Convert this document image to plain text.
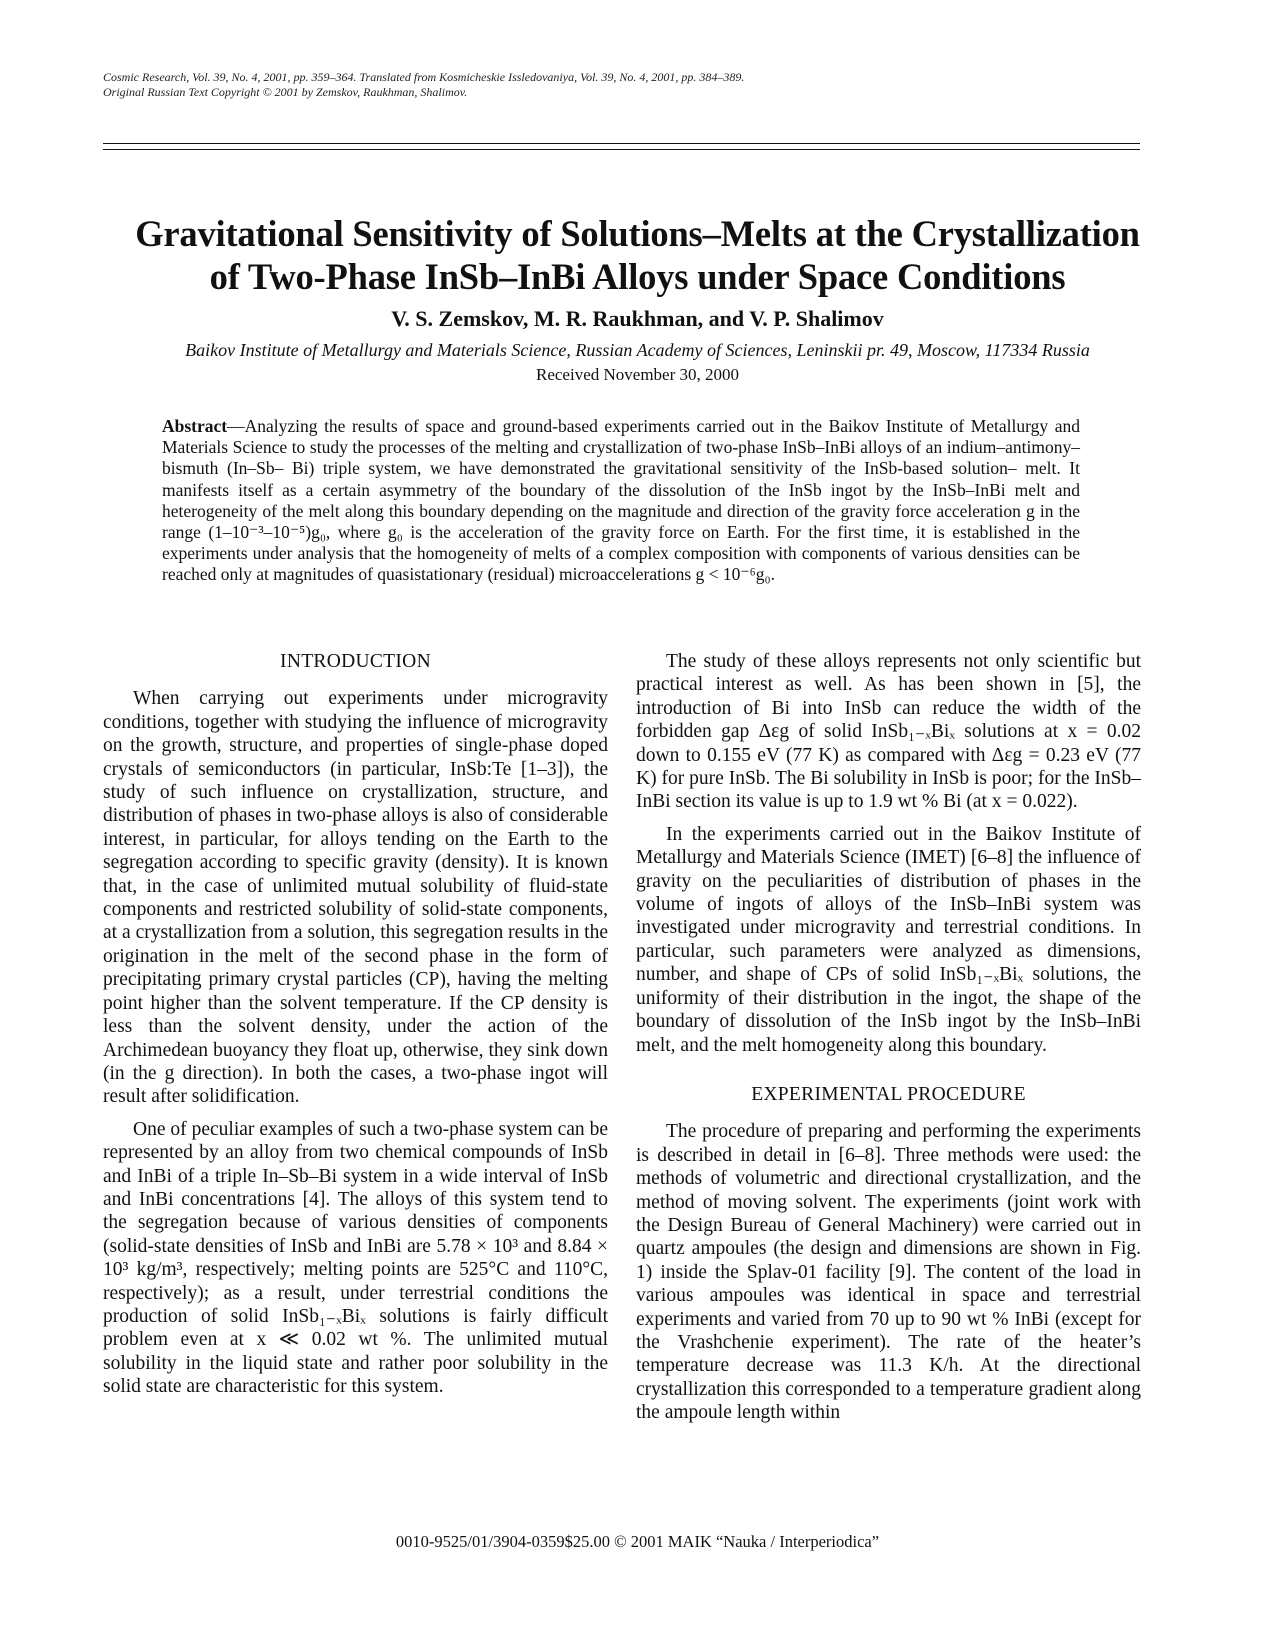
Cosmic Research, Vol. 39, No. 4, 2001, pp. 359–364. Translated from Kosmicheskie Issledovaniya, Vol. 39, No. 4, 2001, pp. 384–389.
Original Russian Text Copyright © 2001 by Zemskov, Raukhman, Shalimov.
Gravitational Sensitivity of Solutions–Melts at the Crystallization
of Two-Phase InSb–InBi Alloys under Space Conditions
V. S. Zemskov, M. R. Raukhman, and V. P. Shalimov
Baikov Institute of Metallurgy and Materials Science, Russian Academy of Sciences, Leninskii pr. 49, Moscow, 117334 Russia
Received November 30, 2000
Abstract—Analyzing the results of space and ground-based experiments carried out in the Baikov Institute of Metallurgy and Materials Science to study the processes of the melting and crystallization of two-phase InSb–InBi alloys of an indium–antimony–bismuth (In–Sb– Bi) triple system, we have demonstrated the gravitational sensitivity of the InSb-based solution– melt. It manifests itself as a certain asymmetry of the boundary of the dissolution of the InSb ingot by the InSb–InBi melt and heterogeneity of the melt along this boundary depending on the magnitude and direction of the gravity force acceleration g in the range (1–10⁻³–10⁻⁵)g₀, where g₀ is the acceleration of the gravity force on Earth. For the first time, it is established in the experiments under analysis that the homogeneity of melts of a complex composition with components of various densities can be reached only at magnitudes of quasistationary (residual) microaccelerations g < 10⁻⁶g₀.
INTRODUCTION

When carrying out experiments under microgravity conditions, together with studying the influence of microgravity on the growth, structure, and properties of single-phase doped crystals of semiconductors (in particular, InSb:Te [1–3]), the study of such influence on crystallization, structure, and distribution of phases in two-phase alloys is also of considerable interest, in particular, for alloys tending on the Earth to the segregation according to specific gravity (density). It is known that, in the case of unlimited mutual solubility of fluid-state components and restricted solubility of solid-state components, at a crystallization from a solution, this segregation results in the origination in the melt of the second phase in the form of precipitating primary crystal particles (CP), having the melting point higher than the solvent temperature. If the CP density is less than the solvent density, under the action of the Archimedean buoyancy they float up, otherwise, they sink down (in the g direction). In both the cases, a two-phase ingot will result after solidification.

One of peculiar examples of such a two-phase system can be represented by an alloy from two chemical compounds of InSb and InBi of a triple In–Sb–Bi system in a wide interval of InSb and InBi concentrations [4]. The alloys of this system tend to the segregation because of various densities of components (solid-state densities of InSb and InBi are 5.78 × 10³ and 8.84 × 10³ kg/m³, respectively; melting points are 525°C and 110°C, respectively); as a result, under terrestrial conditions the production of solid InSb₁₋ₓBiₓ solutions is fairly difficult problem even at x ≪ 0.02 wt %. The unlimited mutual solubility in the liquid state and rather poor solubility in the solid state are characteristic for this system.

The study of these alloys represents not only scientific but practical interest as well. As has been shown in [5], the introduction of Bi into InSb can reduce the width of the forbidden gap Δεg of solid InSb₁₋ₓBiₓ solutions at x = 0.02 down to 0.155 eV (77 K) as compared with Δεg = 0.23 eV (77 K) for pure InSb. The Bi solubility in InSb is poor; for the InSb–InBi section its value is up to 1.9 wt % Bi (at x = 0.022).

In the experiments carried out in the Baikov Institute of Metallurgy and Materials Science (IMET) [6–8] the influence of gravity on the peculiarities of distribution of phases in the volume of ingots of alloys of the InSb–InBi system was investigated under microgravity and terrestrial conditions. In particular, such parameters were analyzed as dimensions, number, and shape of CPs of solid InSb₁₋ₓBiₓ solutions, the uniformity of their distribution in the ingot, the shape of the boundary of dissolution of the InSb ingot by the InSb–InBi melt, and the melt homogeneity along this boundary.

EXPERIMENTAL PROCEDURE

The procedure of preparing and performing the experiments is described in detail in [6–8]. Three methods were used: the methods of volumetric and directional crystallization, and the method of moving solvent. The experiments (joint work with the Design Bureau of General Machinery) were carried out in quartz ampoules (the design and dimensions are shown in Fig. 1) inside the Splav-01 facility [9]. The content of the load in various ampoules was identical in space and terrestrial experiments and varied from 70 up to 90 wt % InBi (except for the Vrashchenie experiment). The rate of the heater’s temperature decrease was 11.3 K/h. At the directional crystallization this corresponded to a temperature gradient along the ampoule length within

0010-9525/01/3904-0359$25.00 © 2001 MAIK “Nauka / Interperiodica”
